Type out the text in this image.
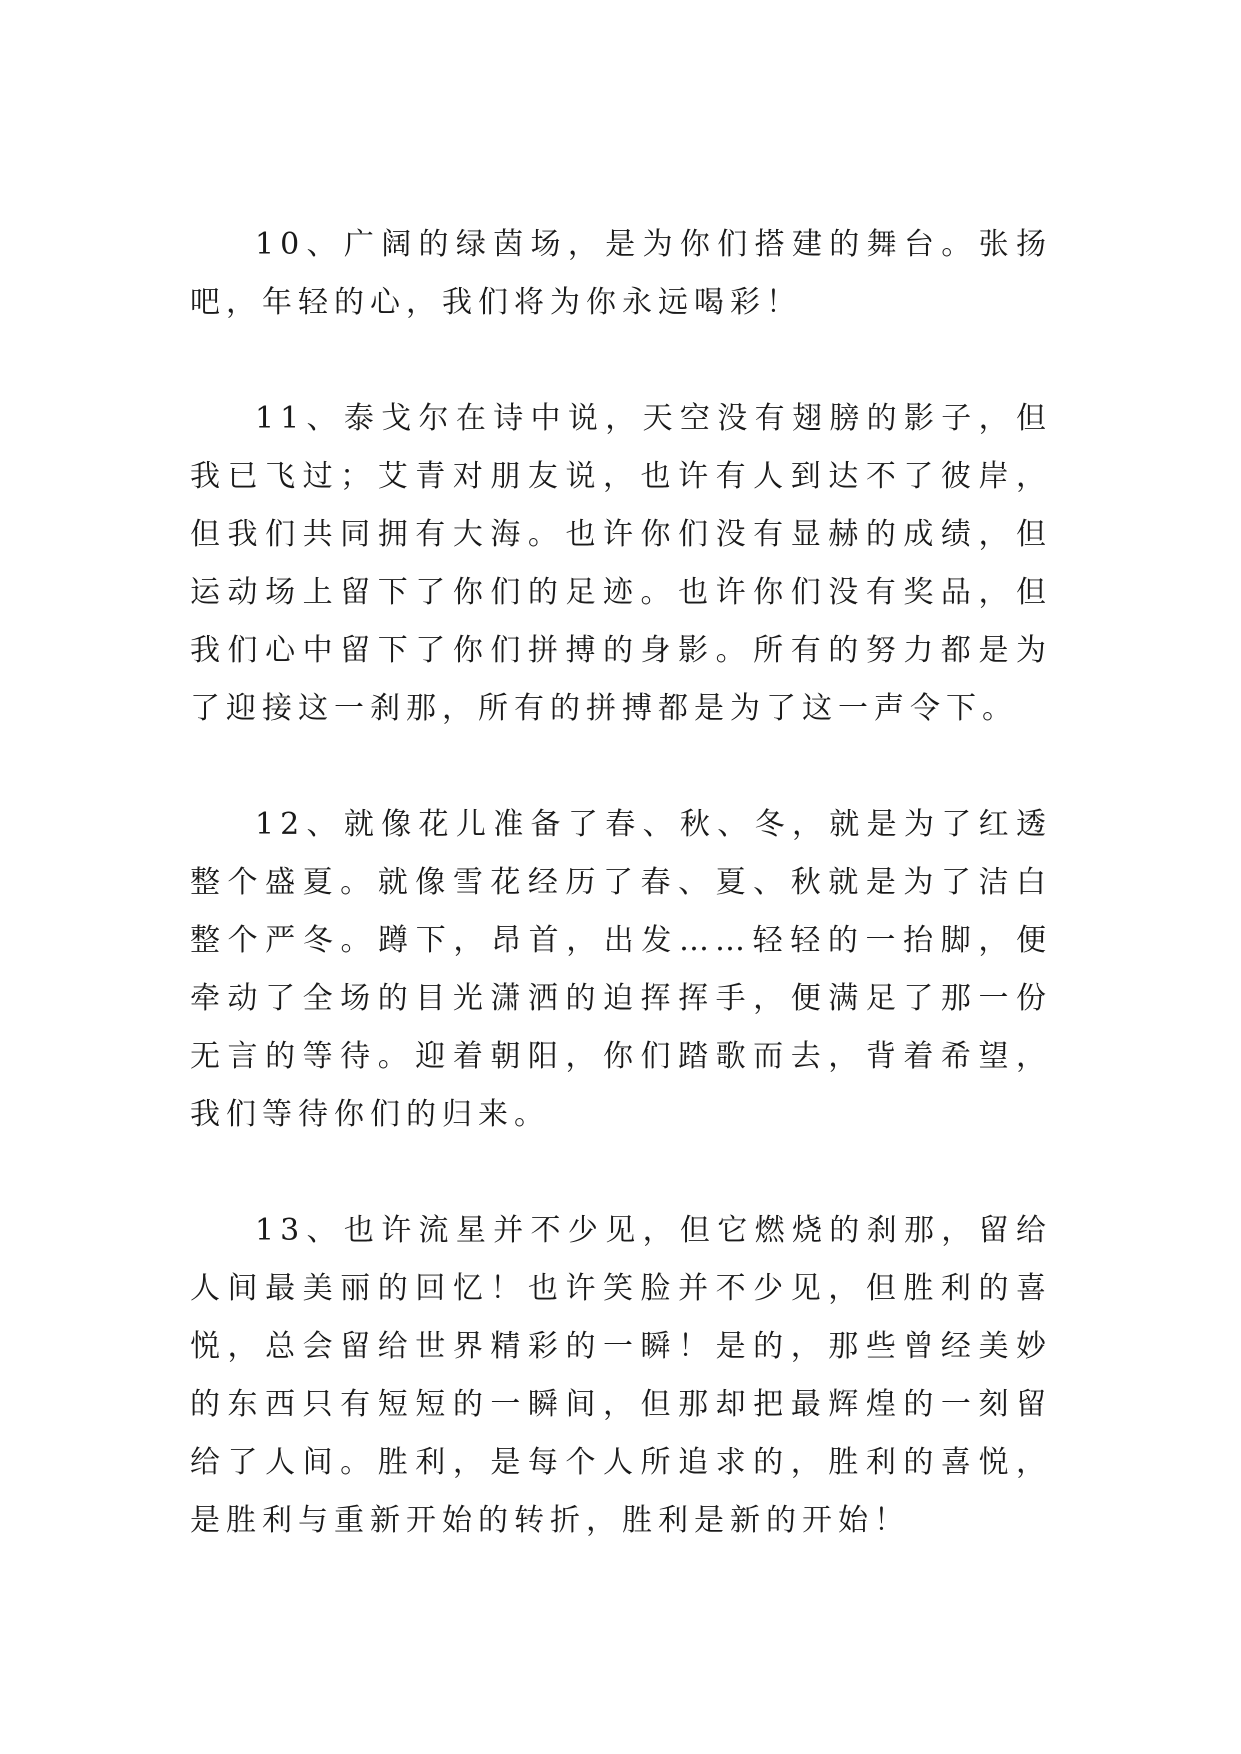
10、广阔的绿茵场，是为你们搭建的舞台。张扬吧，年轻的心，我们将为你永远喝彩！

11、泰戈尔在诗中说，天空没有翅膀的影子，但我已飞过；艾青对朋友说，也许有人到达不了彼岸，但我们共同拥有大海。也许你们没有显赫的成绩，但运动场上留下了你们的足迹。也许你们没有奖品，但我们心中留下了你们拼搏的身影。所有的努力都是为了迎接这一刹那，所有的拼搏都是为了这一声令下。

12、就像花儿准备了春、秋、冬，就是为了红透整个盛夏。就像雪花经历了春、夏、秋就是为了洁白整个严冬。蹲下，昂首，出发……轻轻的一抬脚，便牵动了全场的目光潇洒的迫挥挥手，便满足了那一份无言的等待。迎着朝阳，你们踏歌而去，背着希望，我们等待你们的归来。

13、也许流星并不少见，但它燃烧的刹那，留给人间最美丽的回忆！也许笑脸并不少见，但胜利的喜悦，总会留给世界精彩的一瞬！是的，那些曾经美妙的东西只有短短的一瞬间，但那却把最辉煌的一刻留给了人间。胜利，是每个人所追求的，胜利的喜悦，是胜利与重新开始的转折，胜利是新的开始！
